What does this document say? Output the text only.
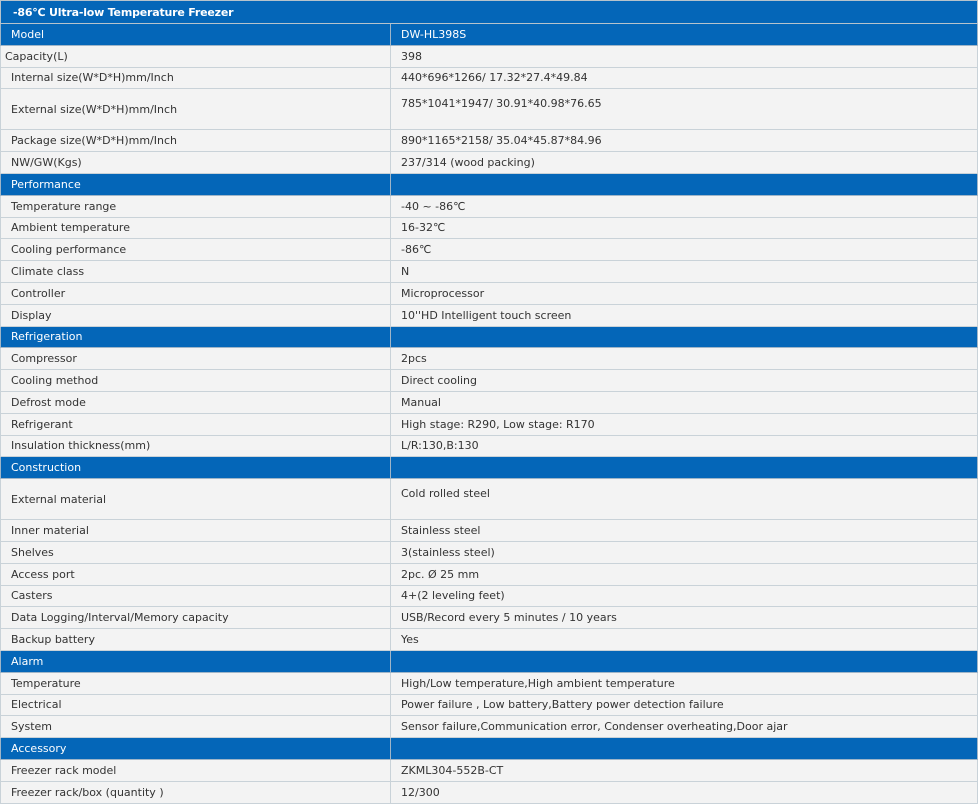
-86℃ Ultra-low Temperature Freezer
Model	DW-HL398S
Capacity(L)	398
Internal size(W*D*H)mm/Inch	440*696*1266/ 17.32*27.4*49.84
External size(W*D*H)mm/Inch	785*1041*1947/ 30.91*40.98*76.65
Package size(W*D*H)mm/Inch	890*1165*2158/ 35.04*45.87*84.96
NW/GW(Kgs)	237/314 (wood packing)
Performance
Temperature range	-40 ~ -86℃
Ambient temperature	16-32℃
Cooling performance	-86℃
Climate class	N
Controller	Microprocessor
Display	10''HD Intelligent touch screen
Refrigeration
Compressor	2pcs
Cooling method	Direct cooling
Defrost mode	Manual
Refrigerant	High stage: R290, Low stage: R170
Insulation thickness(mm)	L/R:130,B:130
Construction
External material	Cold rolled steel
Inner material	Stainless steel
Shelves	3(stainless steel)
Access port	2pc. Ø 25 mm
Casters	4+(2 leveling feet)
Data Logging/Interval/Memory capacity	USB/Record every 5 minutes / 10 years
Backup battery	Yes
Alarm
Temperature	High/Low temperature,High ambient temperature
Electrical	Power failure , Low battery,Battery power detection failure
System	Sensor failure,Communication error, Condenser overheating,Door ajar
Accessory
Freezer rack model	ZKML304-552B-CT
Freezer rack/box (quantity )	12/300
